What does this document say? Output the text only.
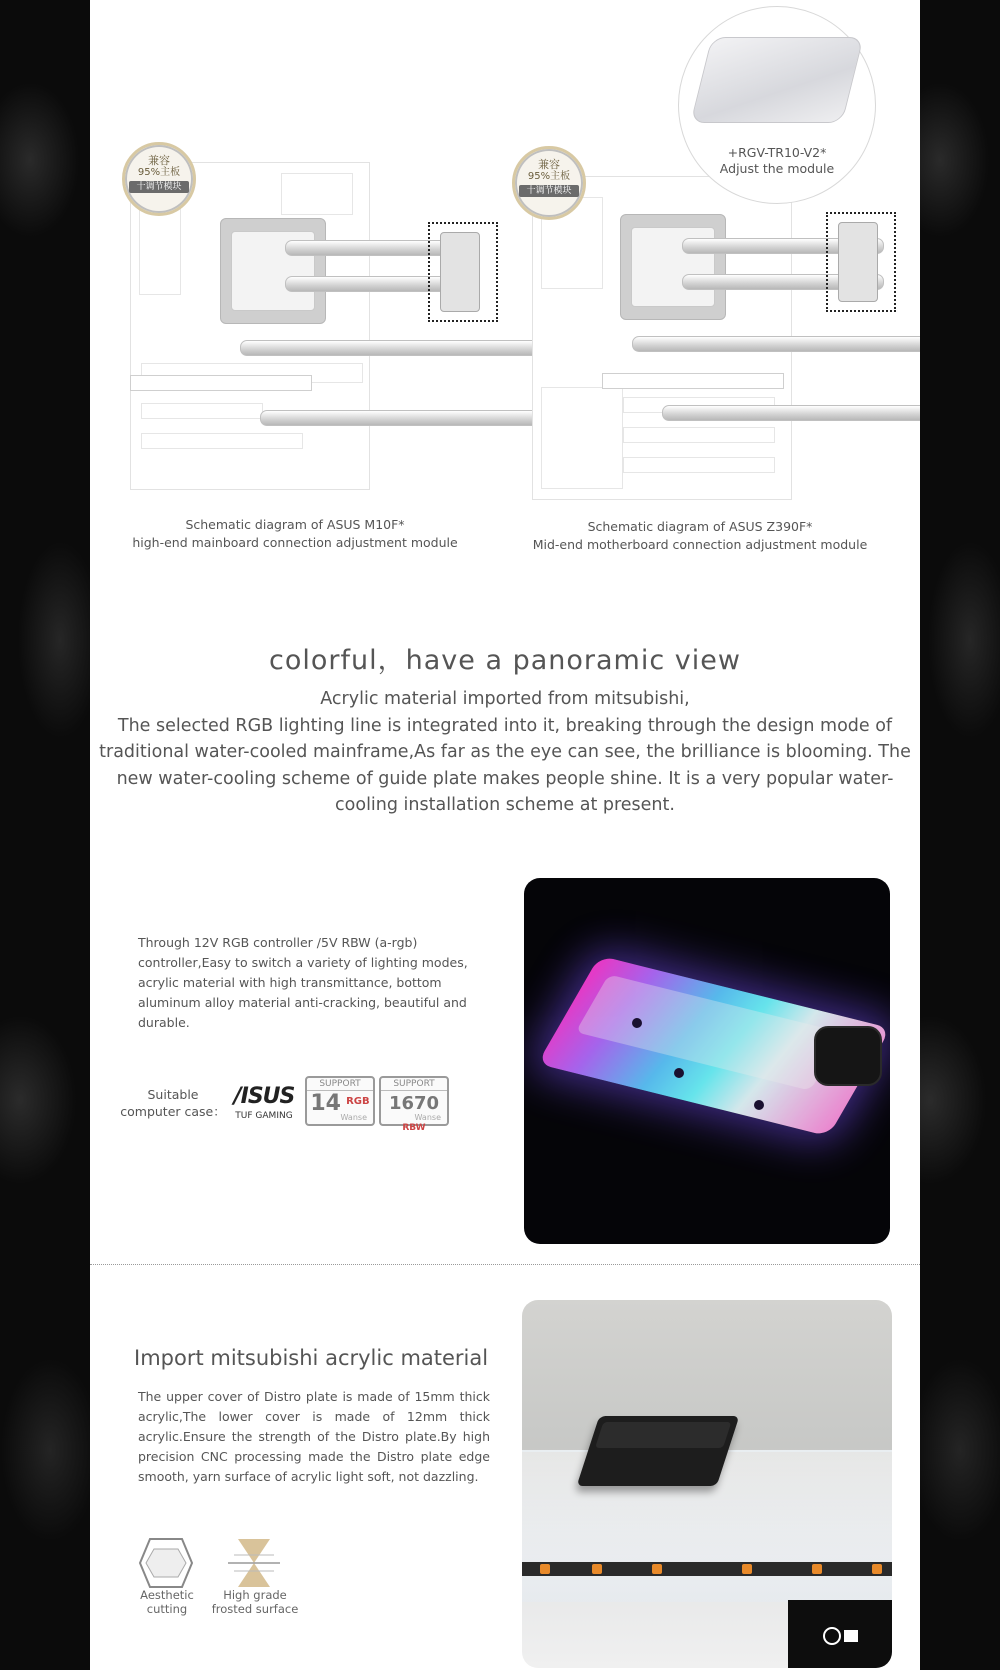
兼容
95%主板
十调节模块
Schematic diagram of ASUS M10F*
high-end mainboard connection adjustment module
兼容
95%主板
十调节模块
Schematic diagram of ASUS Z390F*
Mid-end motherboard connection adjustment module
+RGV-TR10-V2*
Adjust the module
colorful，have a panoramic view
Acrylic material imported from mitsubishi,
The selected RGB lighting line is integrated into it, breaking through the design mode of traditional water-cooled mainframe,As far as the eye can see, the brilliance is blooming. The new water-cooling scheme of guide plate makes people shine. It is a very popular water-cooling installation scheme at present.
Through 12V RGB controller /5V RBW (a-rgb) controller,Easy to switch a variety of lighting modes, acrylic material with high transmittance, bottom aluminum alloy material anti-cracking, beautiful and durable.
Suitable
computer case：
/ISUS
TUF GAMING
SUPPORT
14 RGB
Wanse
SUPPORT
1670 RBW
Wanse
Import mitsubishi acrylic material
The upper cover of Distro plate is made of 15mm thick acrylic,The lower cover is made of 12mm thick acrylic.Ensure the strength of the Distro plate.By high precision CNC processing made the Distro plate edge smooth, yarn surface of acrylic light soft, not dazzling.
Aesthetic
cutting
High grade
frosted surface
